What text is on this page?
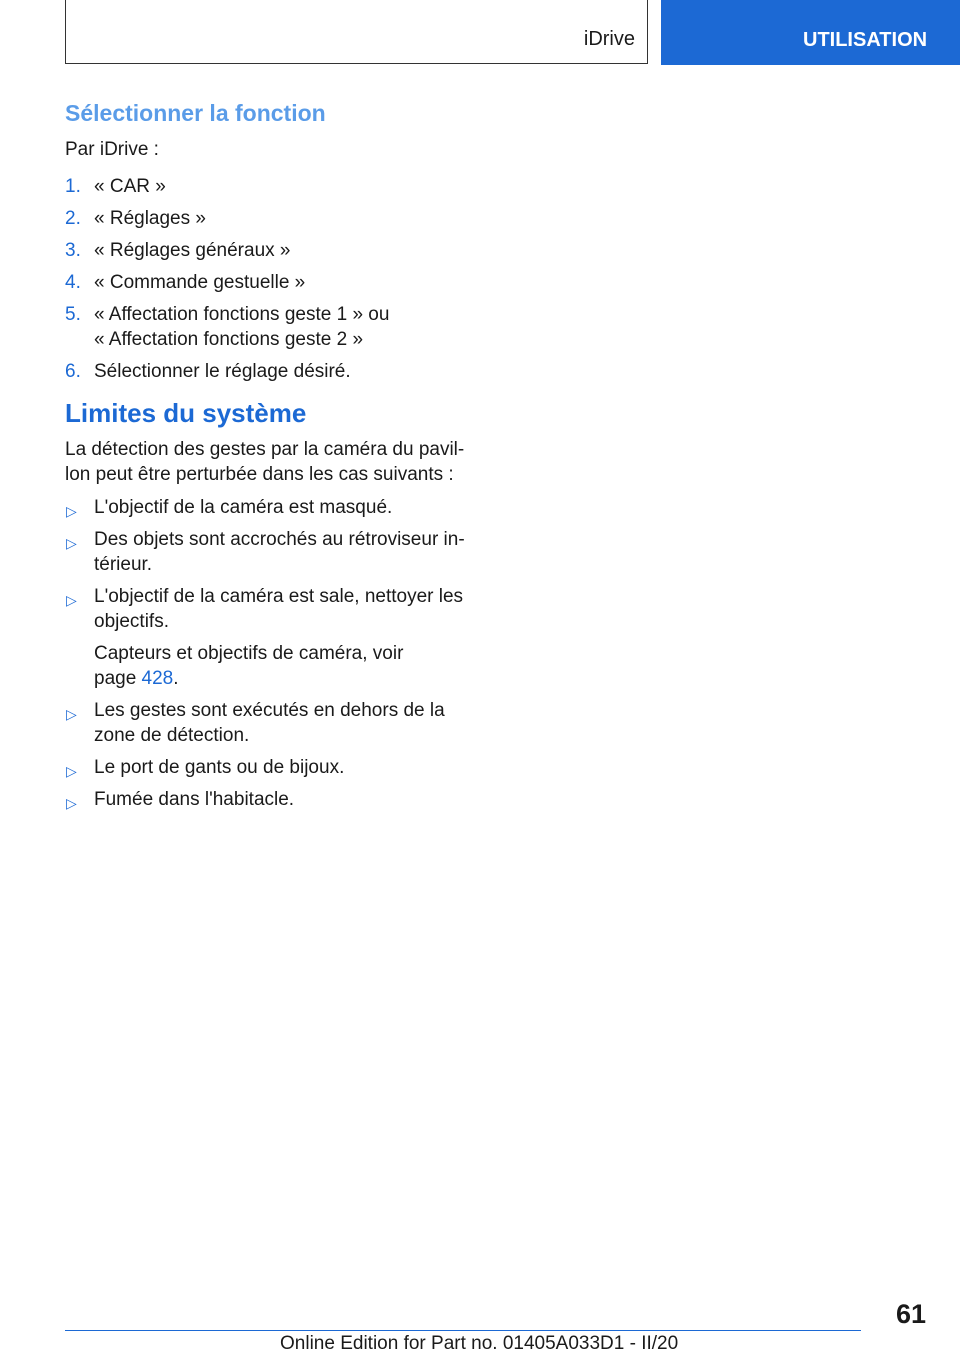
iDrive	UTILISATION
Sélectionner la fonction

Par iDrive :

1. « CAR »
2. « Réglages »
3. « Réglages généraux »
4. « Commande gestuelle »
5. « Affectation fonctions geste 1 » ou
« Affectation fonctions geste 2 »
6. Sélectionner le réglage désiré.
Limites du système

La détection des gestes par la caméra du pavil-
lon peut être perturbée dans les cas suivants :

▷ L'objectif de la caméra est masqué.
▷ Des objets sont accrochés au rétroviseur in-
térieur.
▷ L'objectif de la caméra est sale, nettoyer les
objectifs.
Capteurs et objectifs de caméra, voir
page 428.
▷ Les gestes sont exécutés en dehors de la
zone de détection.
▷ Le port de gants ou de bijoux.
▷ Fumée dans l'habitacle.
61
Online Edition for Part no. 01405A033D1 - II/20
